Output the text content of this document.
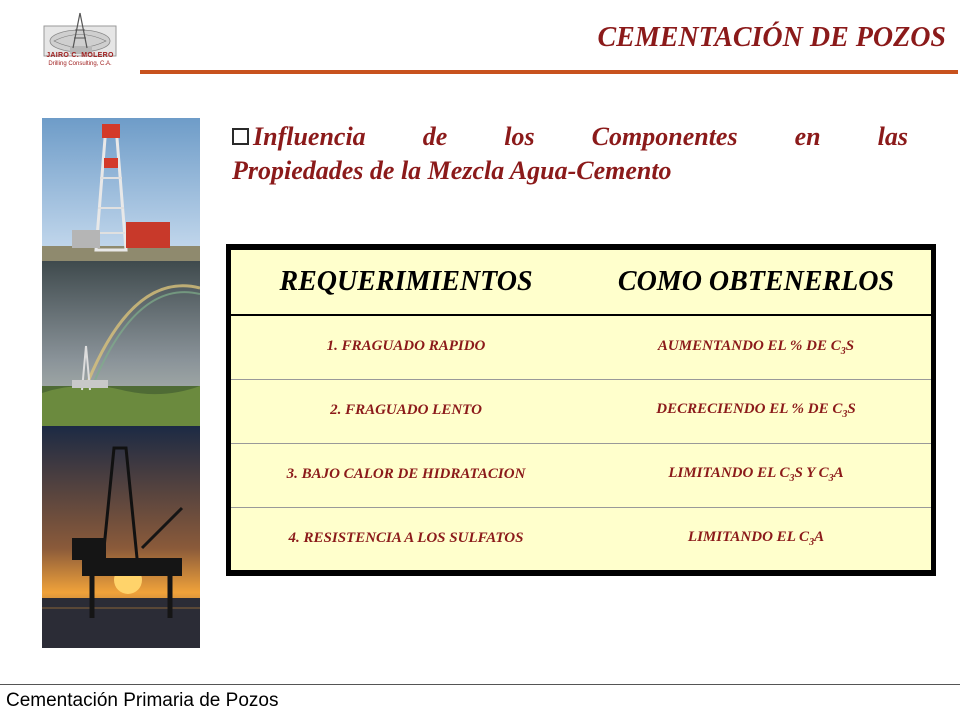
JAIRO C. MOLERO
Drilling Consulting, C.A.
CEMENTACIÓN DE POZOS
Influencia de los Componentes en las
Propiedades de la Mezcla Agua-Cemento
REQUERIMIENTOS	COMO OBTENERLOS
1. FRAGUADO RAPIDO	AUMENTANDO EL % DE $C_3S$
2. FRAGUADO LENTO	DECRECIENDO EL % DE $C_3S$
3. BAJO CALOR DE HIDRATACION	LIMITANDO EL $C_3S$ Y $C_3A$
4. RESISTENCIA A LOS SULFATOS	LIMITANDO EL $C_3A$
Cementación Primaria de Pozos
